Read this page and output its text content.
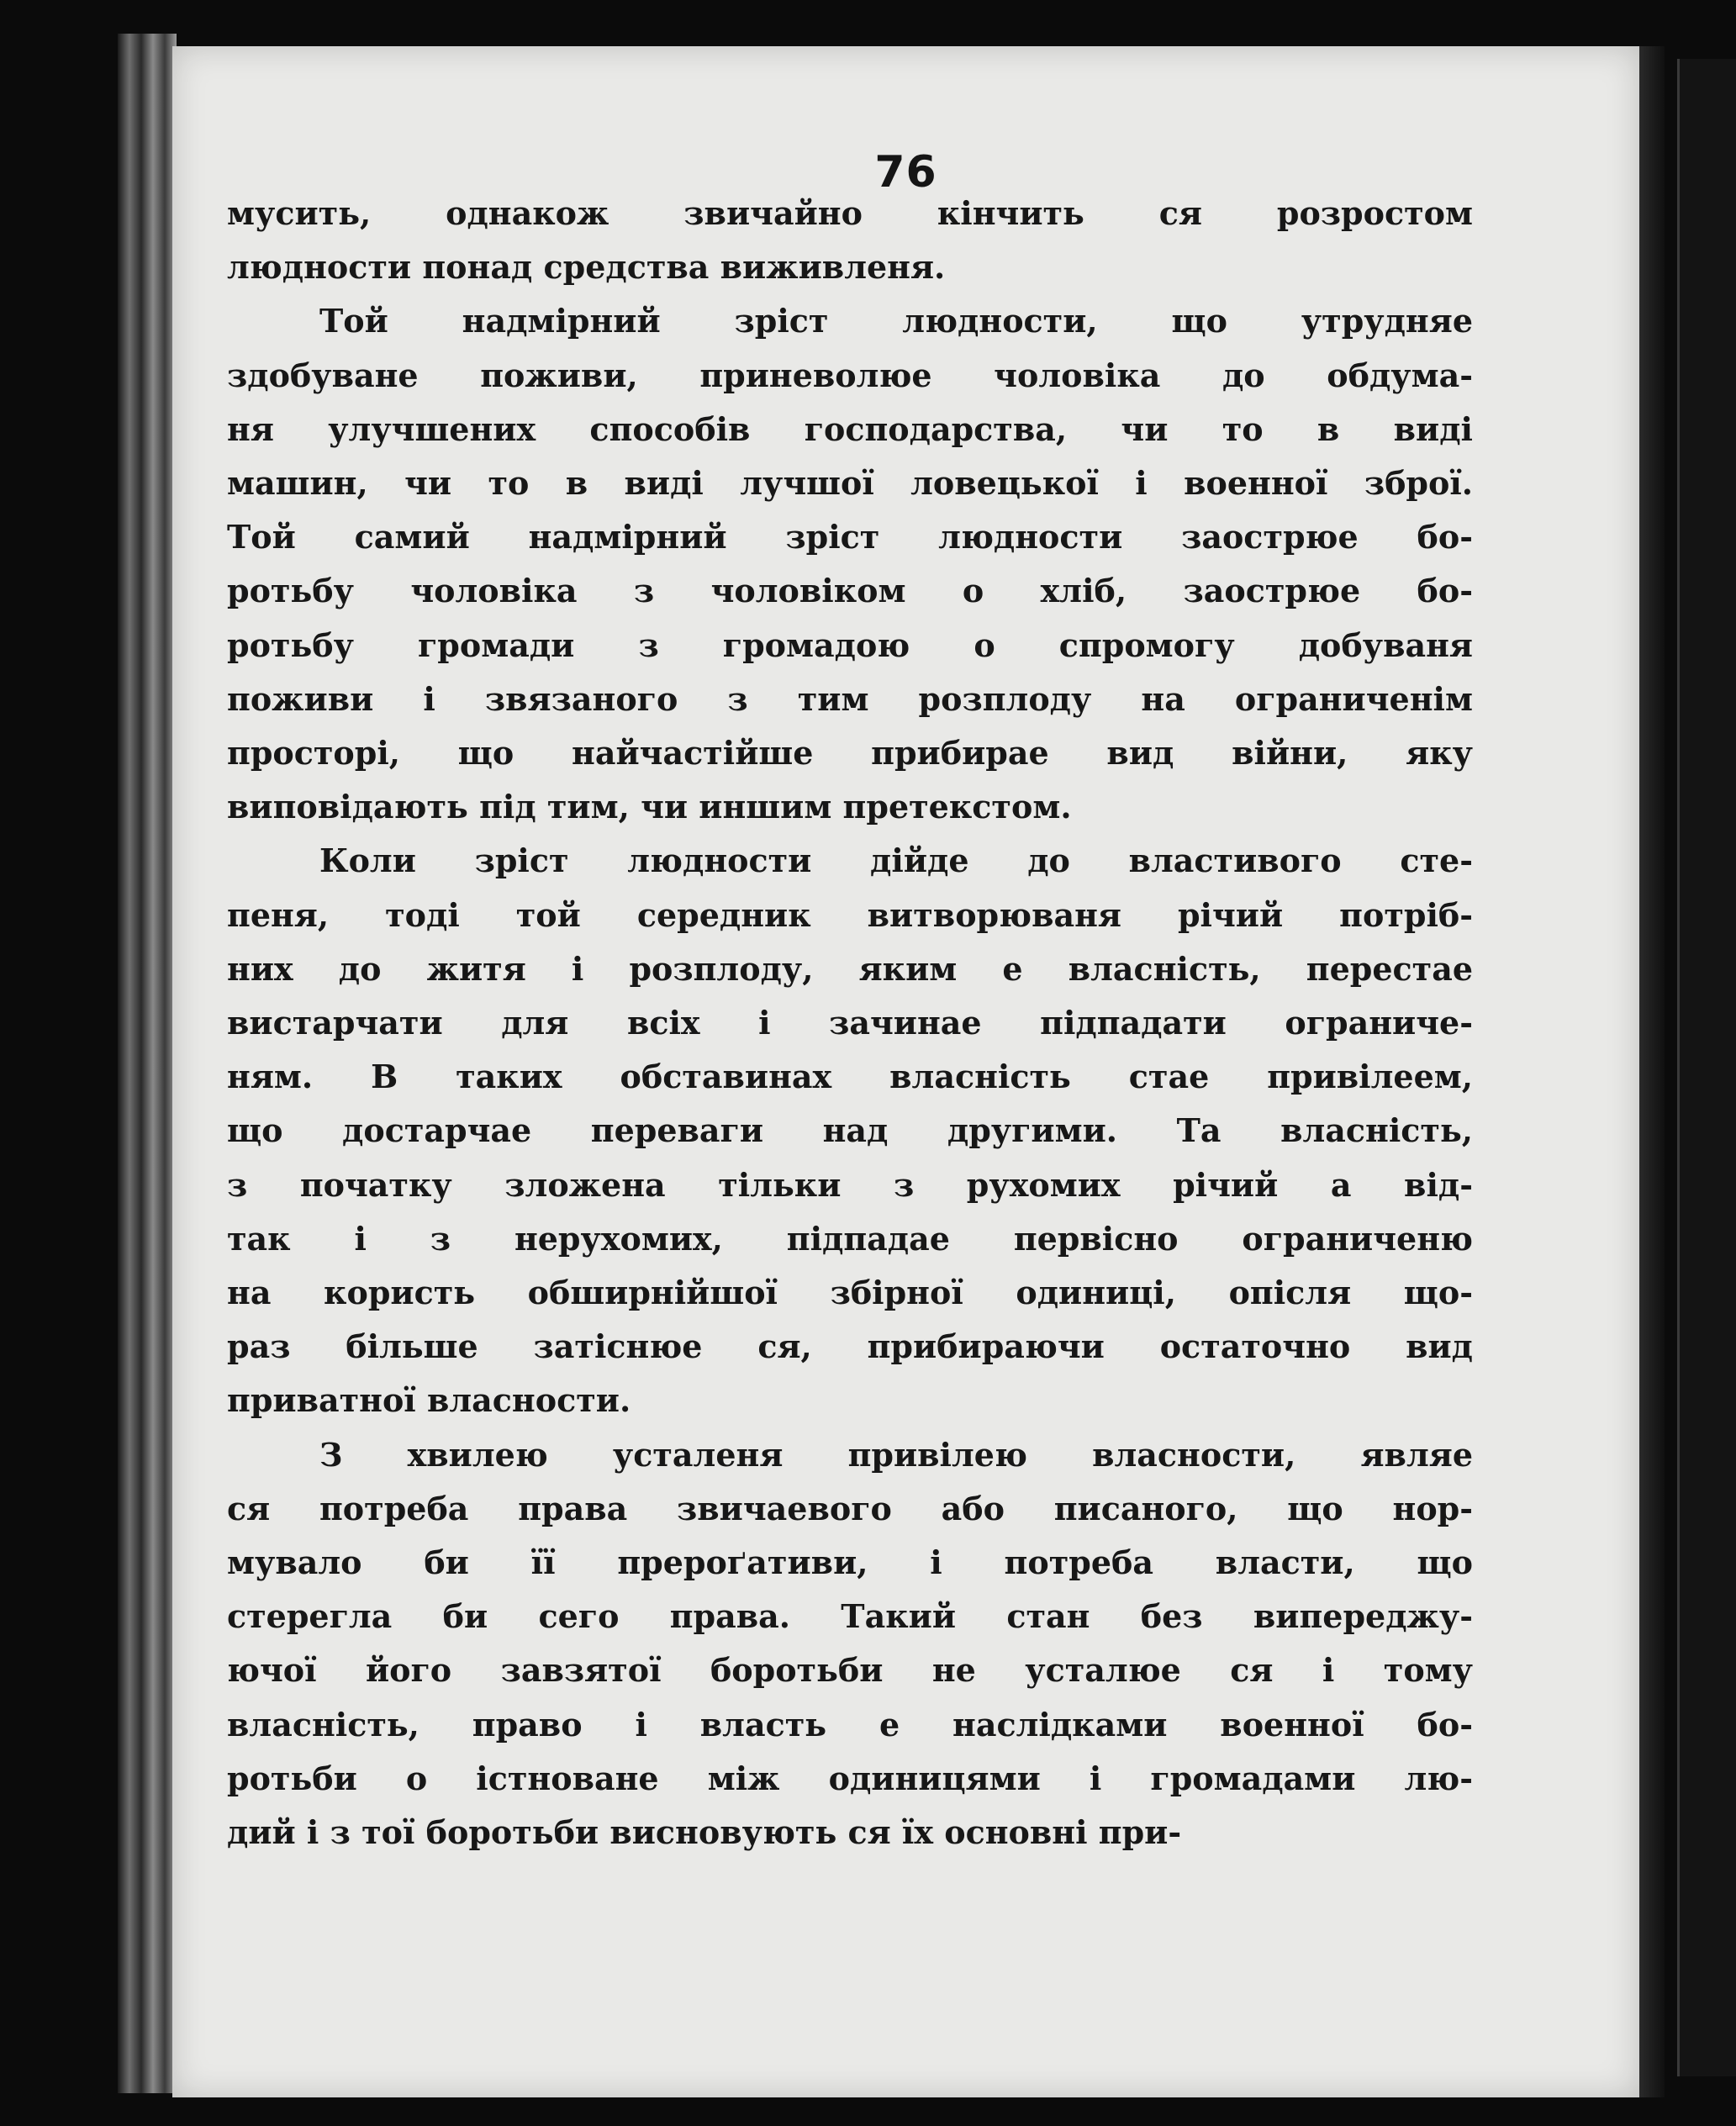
76
мусить, однакож звичайно кінчить ся розростом
людности понад средства виживленя.
Той надмірний зріст людности, що утрудняе
здобуване поживи, приневолюе чоловіка до обдума-
ня улучшених способів господарства, чи то в виді
машин, чи то в виді лучшої ловецької і военної зброї.
Той самий надмірний зріст людности заострюе бо-
ротьбу чоловіка з чоловіком о хліб, заострюе бо-
ротьбу громади з громадою о спромогу добуваня
поживи і звязаного з тим розплоду на ограниченім
просторі, що найчастійше прибирае вид війни, яку
виповідають під тим, чи иншим претекстом.
Коли зріст людности дійде до властивого сте-
пеня, тоді той середник витворюваня річий потріб-
них до житя і розплоду, яким е власність, перестае
вистарчати для всіх і зачинае підпадати ограниче-
ням. В таких обставинах власність стае привілеем,
що достарчае переваги над другими. Та власність,
з початку зложена тільки з рухомих річий а від-
так і з нерухомих, підпадае первісно ограниченю
на користь обширнійшої збірної одиниці, опісля що-
раз більше затіснюе ся, прибираючи остаточно вид
приватної власности.
З хвилею усталеня привілею власности, являе
ся потреба права звичаевого або писаного, що нор-
мувало би її прероґативи, і потреба власти, що
стерегла би сего права. Такий стан без випереджу-
ючої його завзятої боротьби не усталюе ся і тому
власність, право і власть е наслідками военної бо-
ротьби о істноване між одиницями і громадами лю-
дий і з тої боротьби висновують ся їх основні при-
